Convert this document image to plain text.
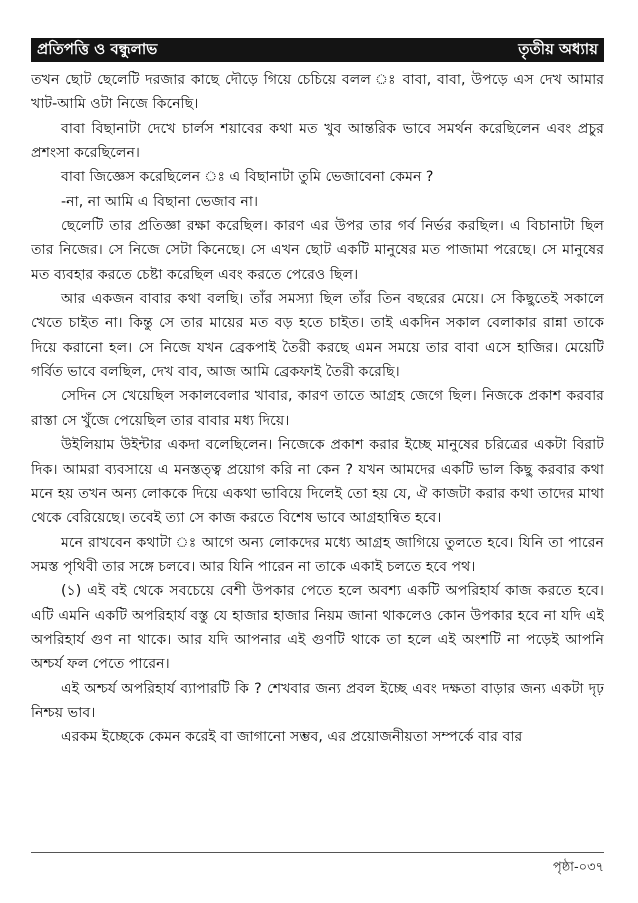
প্রতিপত্তি ও বন্ধুলাভ	তৃতীয় অধ্যায়

তখন ছোট ছেলেটি দরজার কাছে দৌড়ে গিয়ে চেচিয়ে বলল ঃ বাবা, বাবা, উপড়ে এস দেখ আমার খাট-আমি ওটা নিজে কিনেছি।

বাবা বিছানাটা দেখে চার্লস শয়াবের কথা মত খুব আন্তরিক ভাবে সমর্থন করেছিলেন এবং প্রচুর প্রশংসা করেছিলেন।

বাবা জিজ্ঞেস করেছিলেন ঃ এ বিছানাটা তুমি ভেজাবেনা কেমন ?

-না, না আমি এ বিছানা ভেজাব না।

ছেলেটি তার প্রতিজ্ঞা রক্ষা করেছিল। কারণ এর উপর তার গর্ব নির্ভর করছিল। এ বিচানাটা ছিল তার নিজের। সে নিজে সেটা কিনেছে। সে এখন ছোট একটি মানুষের মত পাজামা পরেছে। সে মানুষের মত ব্যবহার করতে চেষ্টা করেছিল এবং করতে পেরেও ছিল।

আর একজন বাবার কথা বলছি। তাঁর সমস্যা ছিল তাঁর তিন বছরের মেয়ে। সে কিছুতেই সকালে খেতে চাইত না। কিন্তু সে তার মায়ের মত বড় হতে চাইত। তাই একদিন সকাল বেলাকার রান্না তাকে দিয়ে করানো হল। সে নিজে যখন ব্রেকপাই তৈরী করছে এমন সময়ে তার বাবা এসে হাজির। মেয়েটি গর্বিত ভাবে বলছিল, দেখ বাব, আজ আমি ব্রেকফাই তৈরী করেছি।

সেদিন সে খেয়েছিল সকালবেলার খাবার, কারণ তাতে আগ্রহ জেগে ছিল। নিজকে প্রকাশ করবার রাস্তা সে খুঁজে পেয়েছিল তার বাবার মধ্য দিয়ে।

উইলিয়াম উইন্টার একদা বলেছিলেন। নিজেকে প্রকাশ করার ইচ্ছে মানুষের চরিত্রের একটা বিরাট দিক। আমরা ব্যবসায়ে এ মনস্তত্ত্ব প্রয়োগ করি না কেন ? যখন আমদের একটি ভাল কিছু করবার কথা মনে হয় তখন অন্য লোককে দিয়ে একথা ভাবিয়ে দিলেই তো হয় যে, ঐ কাজটা করার কথা তাদের মাথা থেকে বেরিয়েছে। তবেই ত্যা সে কাজ করতে বিশেষ ভাবে আগ্রহান্বিত হবে।

মনে রাখবেন কথাটা ঃ আগে অন্য লোকদের মধ্যে আগ্রহ জাগিয়ে তুলতে হবে। যিনি তা পারেন সমস্ত পৃথিবী তার সঙ্গে চলবে। আর যিনি পারেন না তাকে একাই চলতে হবে পথ।

(১) এই বই থেকে সবচেয়ে বেশী উপকার পেতে হলে অবশ্য একটি অপরিহার্য কাজ করতে হবে। এটি এমনি একটি অপরিহার্য বস্তু যে হাজার হাজার নিয়ম জানা থাকলেও কোন উপকার হবে না যদি এই অপরিহার্য গুণ না থাকে। আর যদি আপনার এই গুণটি থাকে তা হলে এই অংশটি না পড়েই আপনি অশ্চর্য ফল পেতে পারেন।

এই অশ্চর্য অপরিহার্য ব্যাপারটি কি ? শেখবার জন্য প্রবল ইচ্ছে এবং দক্ষতা বাড়ার জন্য একটা দৃঢ় নিশ্চয় ভাব।

এরকম ইচ্ছেকে কেমন করেই বা জাগানো সম্ভব, এর প্রয়োজনীয়তা সম্পর্কে বার বার

পৃষ্ঠা-০৩৭
